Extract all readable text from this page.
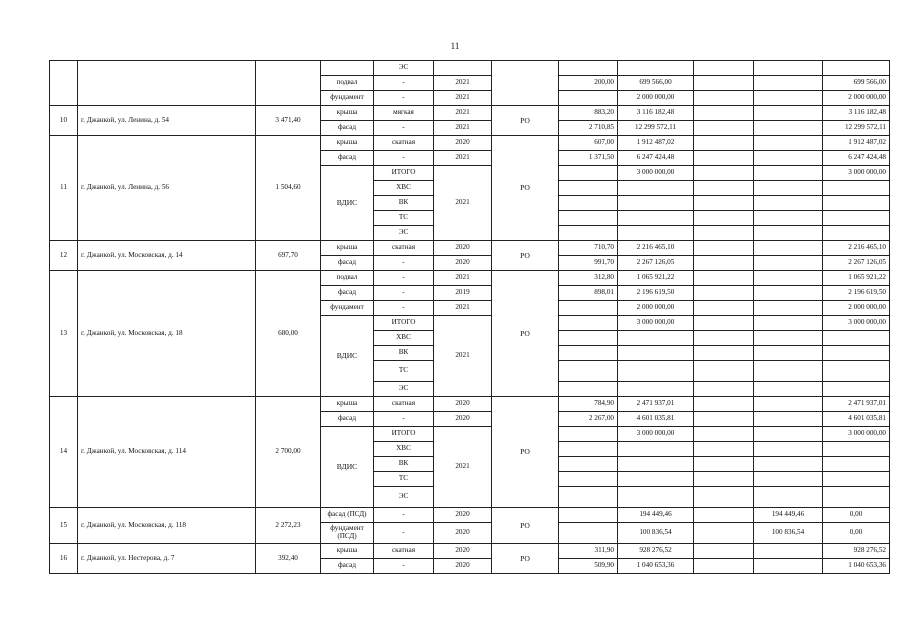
11
				ЭС							
			подвал	-	2021		200,00	699 566,00			699 566,00
			фундамент	-	2021			2 000 000,00			2 000 000,00
10	г. Джанкой, ул. Ленина, д. 54	3 471,40	крыша	мягкая	2021	РО	883,20	3 116 182,48			3 116 182,48
			фасад	-	2021		2 710,85	12 299 572,11			12 299 572,11
11	г. Джанкой, ул. Ленина, д. 56	1 504,60	крыша	скатная	2020	РО	607,00	1 912 487,02			1 912 487,02
			фасад	-	2021		1 371,50	6 247 424,48			6 247 424,48
			ВДИС	ИТОГО	2021			3 000 000,00			3 000 000,00
				ХВС							
				ВК							
				ТС							
				ЭС							
12	г. Джанкой, ул. Московская, д. 14	697,70	крыша	скатная	2020	РО	710,70	2 216 465,10			2 216 465,10
			фасад	-	2020		991,70	2 267 126,05			2 267 126,05
13	г. Джанкой, ул. Московская, д. 18	680,00	подвал	-	2021	РО	312,80	1 065 921,22			1 065 921,22
			фасад	-	2019		898,01	2 196 619,50			2 196 619,50
			фундамент	-	2021			2 000 000,00			2 000 000,00
			ВДИС	ИТОГО	2021			3 000 000,00			3 000 000,00
				ХВС							
				ВК							
				ТС							
				ЭС							
14	г. Джанкой, ул. Московская, д. 114	2 700,00	крыша	скатная	2020	РО	784,90	2 471 937,01			2 471 937,01
			фасад	-	2020		2 267,00	4 601 035,81			4 601 035,81
			ВДИС	ИТОГО	2021			3 000 000,00			3 000 000,00
				ХВС							
				ВК							
				ТС							
				ЭС							
15	г. Джанкой, ул. Московская, д. 118	2 272,23	фасад (ПСД)	-	2020	РО		194 449,46		194 449,46	0,00
			фундамент (ПСД)	-	2020			100 836,54		100 836,54	0,00
16	г. Джанкой, ул. Нестерова, д. 7	392,40	крыша	скатная	2020	РО	311,90	928 276,52			928 276,52
			фасад	-	2020		509,90	1 040 653,36			1 040 653,36
